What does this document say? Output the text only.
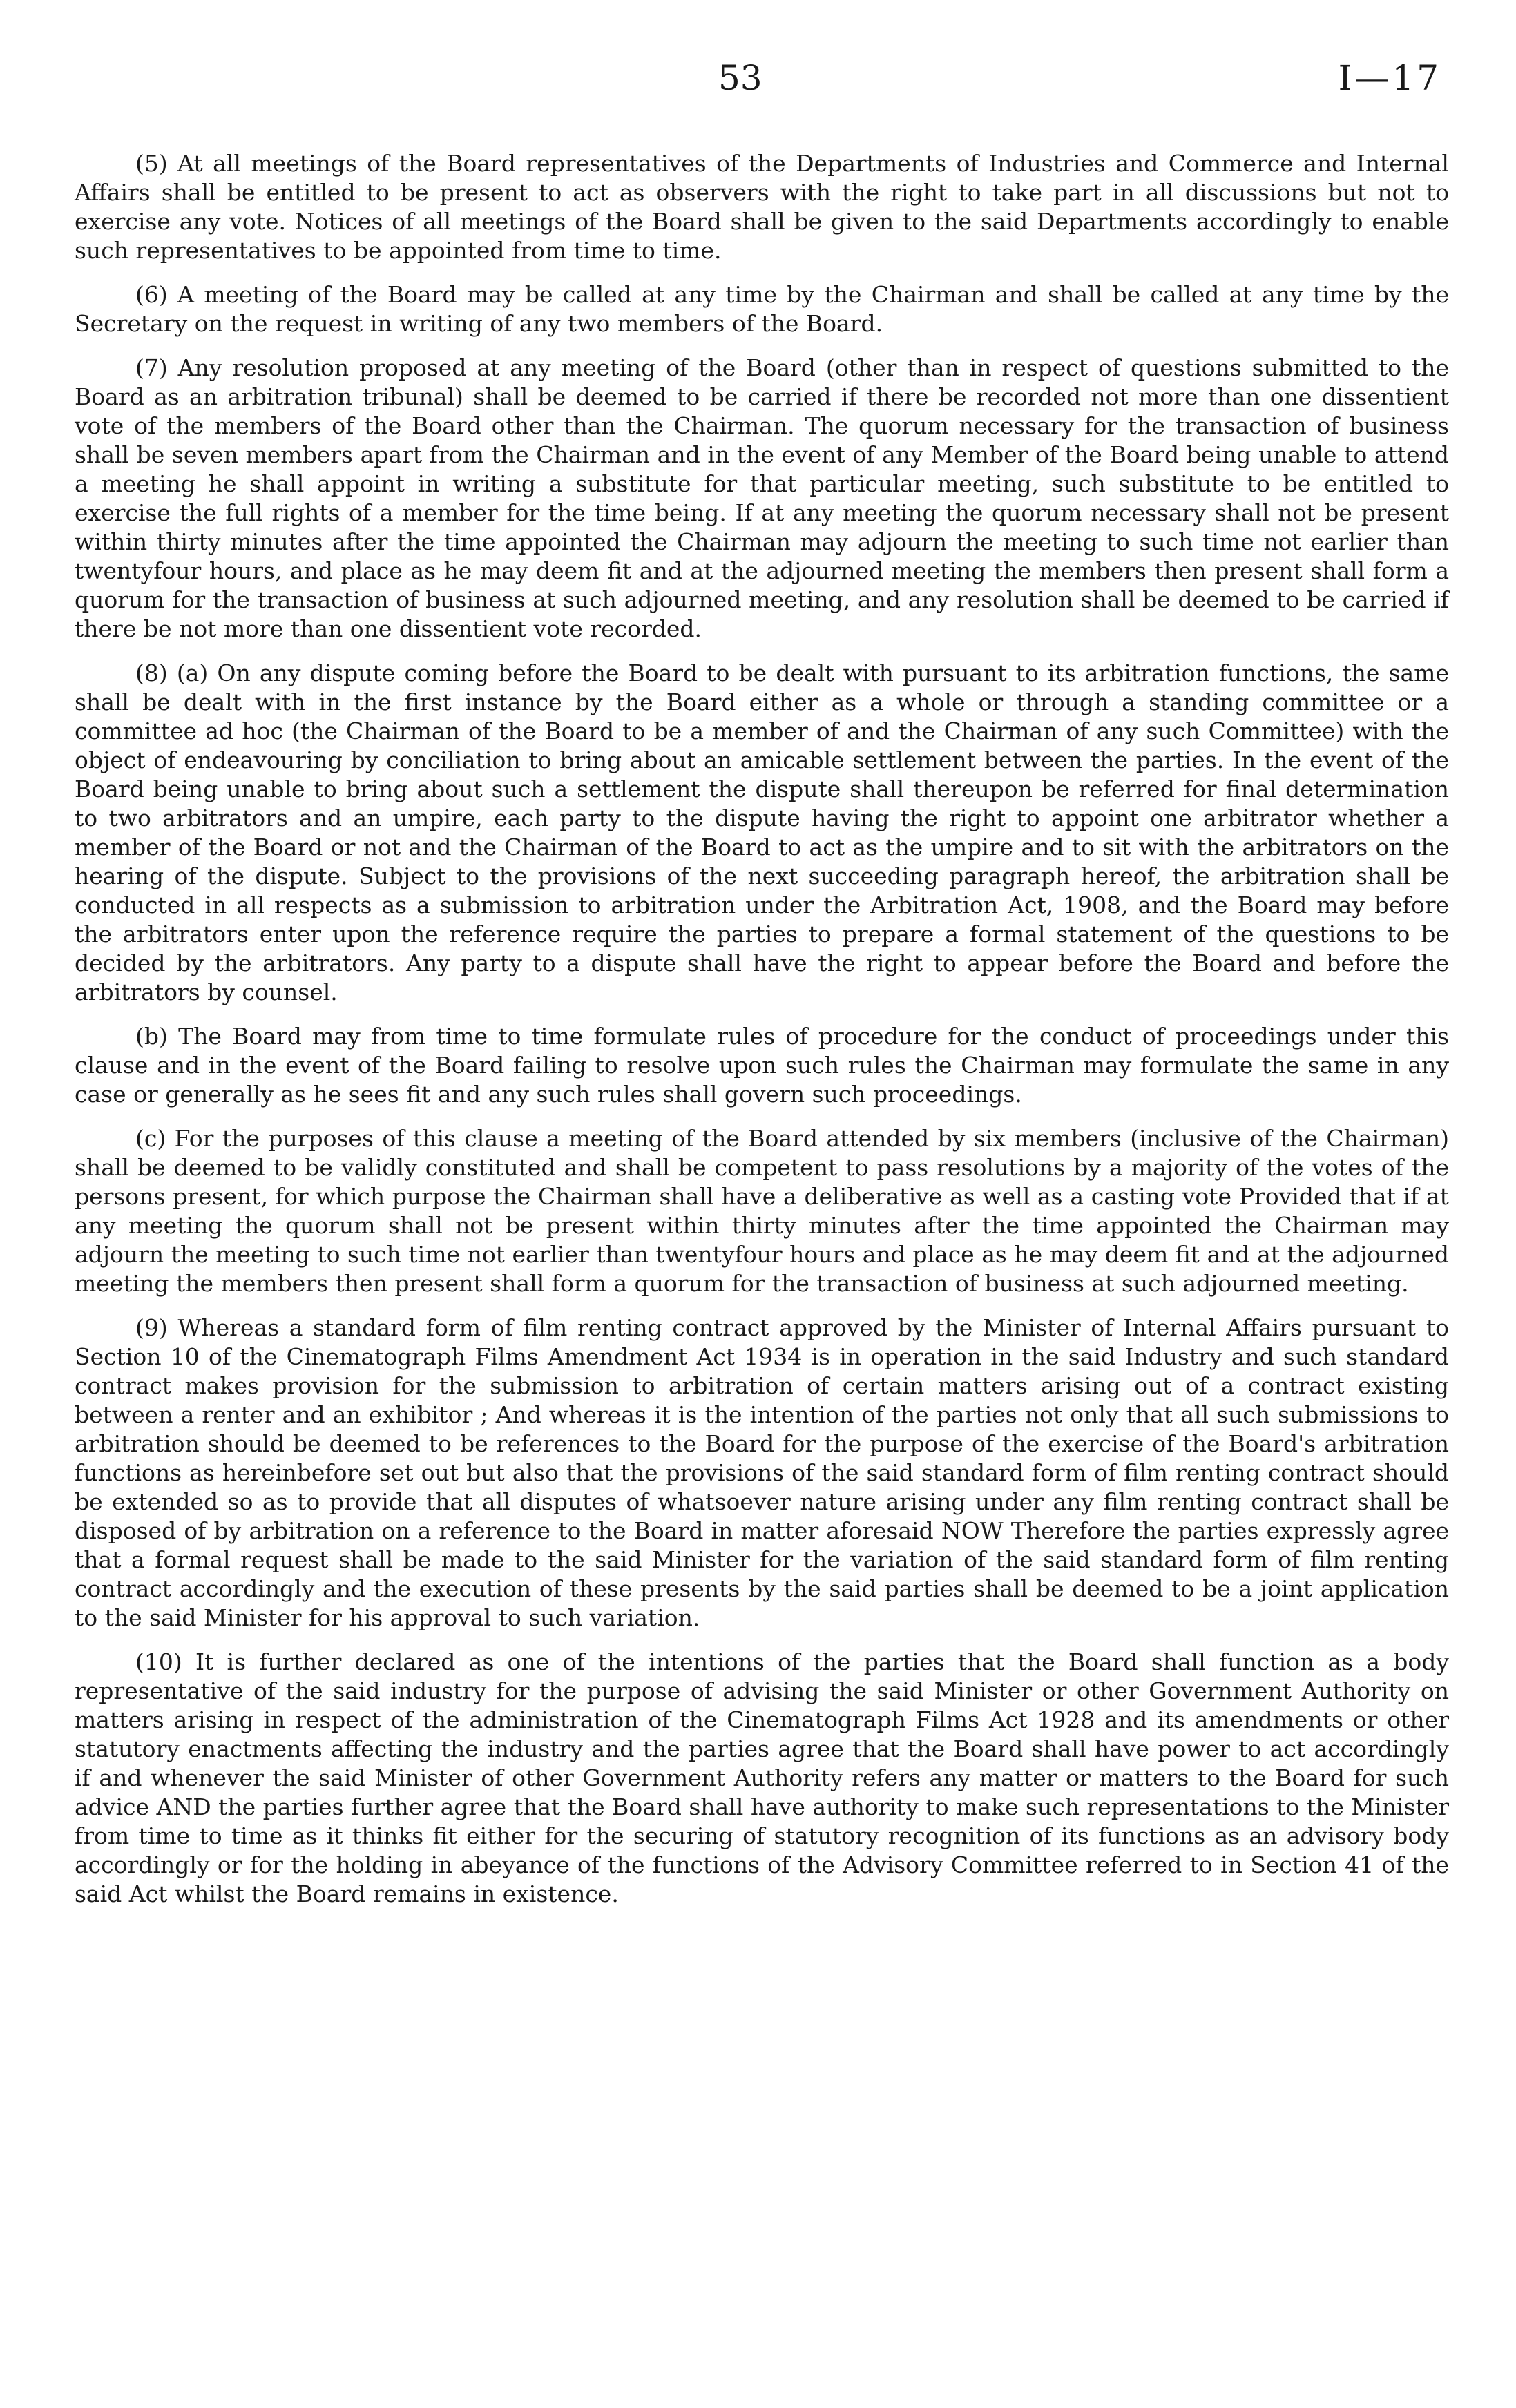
53	I—17

(5) At all meetings of the Board representatives of the Departments of Industries and Commerce and Internal Affairs shall be entitled to be present to act as observers with the right to take part in all discussions but not to exercise any vote. Notices of all meetings of the Board shall be given to the said Departments accordingly to enable such representatives to be appointed from time to time.

(6) A meeting of the Board may be called at any time by the Chairman and shall be called at any time by the Secretary on the request in writing of any two members of the Board.

(7) Any resolution proposed at any meeting of the Board (other than in respect of questions submitted to the Board as an arbitration tribunal) shall be deemed to be carried if there be recorded not more than one dissentient vote of the members of the Board other than the Chairman. The quorum necessary for the transaction of business shall be seven members apart from the Chairman and in the event of any Member of the Board being unable to attend a meeting he shall appoint in writing a substitute for that particular meeting, such substitute to be entitled to exercise the full rights of a member for the time being. If at any meeting the quorum necessary shall not be present within thirty minutes after the time appointed the Chairman may adjourn the meeting to such time not earlier than twentyfour hours, and place as he may deem fit and at the adjourned meeting the members then present shall form a quorum for the transaction of business at such adjourned meeting, and any resolution shall be deemed to be carried if there be not more than one dissentient vote recorded.

(8) (a) On any dispute coming before the Board to be dealt with pursuant to its arbitration functions, the same shall be dealt with in the first instance by the Board either as a whole or through a standing committee or a committee ad hoc (the Chairman of the Board to be a member of and the Chairman of any such Committee) with the object of endeavouring by conciliation to bring about an amicable settlement between the parties. In the event of the Board being unable to bring about such a settlement the dispute shall thereupon be referred for final determination to two arbitrators and an umpire, each party to the dispute having the right to appoint one arbitrator whether a member of the Board or not and the Chairman of the Board to act as the umpire and to sit with the arbitrators on the hearing of the dispute. Subject to the provisions of the next succeeding paragraph hereof, the arbitration shall be conducted in all respects as a submission to arbitration under the Arbitration Act, 1908, and the Board may before the arbitrators enter upon the reference require the parties to prepare a formal statement of the questions to be decided by the arbitrators. Any party to a dispute shall have the right to appear before the Board and before the arbitrators by counsel.

(b) The Board may from time to time formulate rules of procedure for the conduct of proceedings under this clause and in the event of the Board failing to resolve upon such rules the Chairman may formulate the same in any case or generally as he sees fit and any such rules shall govern such proceedings.

(c) For the purposes of this clause a meeting of the Board attended by six members (inclusive of the Chairman) shall be deemed to be validly constituted and shall be competent to pass resolutions by a majority of the votes of the persons present, for which purpose the Chairman shall have a deliberative as well as a casting vote Provided that if at any meeting the quorum shall not be present within thirty minutes after the time appointed the Chairman may adjourn the meeting to such time not earlier than twentyfour hours and place as he may deem fit and at the adjourned meeting the members then present shall form a quorum for the transaction of business at such adjourned meeting.

(9) Whereas a standard form of film renting contract approved by the Minister of Internal Affairs pursuant to Section 10 of the Cinematograph Films Amendment Act 1934 is in operation in the said Industry and such standard contract makes provision for the submission to arbitration of certain matters arising out of a contract existing between a renter and an exhibitor ; And whereas it is the intention of the parties not only that all such submissions to arbitration should be deemed to be references to the Board for the purpose of the exercise of the Board's arbitration functions as hereinbefore set out but also that the provisions of the said standard form of film renting contract should be extended so as to provide that all disputes of whatsoever nature arising under any film renting contract shall be disposed of by arbitration on a reference to the Board in matter aforesaid NOW Therefore the parties expressly agree that a formal request shall be made to the said Minister for the variation of the said standard form of film renting contract accordingly and the execution of these presents by the said parties shall be deemed to be a joint application to the said Minister for his approval to such variation.

(10) It is further declared as one of the intentions of the parties that the Board shall function as a body representative of the said industry for the purpose of advising the said Minister or other Government Authority on matters arising in respect of the administration of the Cinematograph Films Act 1928 and its amendments or other statutory enactments affecting the industry and the parties agree that the Board shall have power to act accordingly if and whenever the said Minister of other Government Authority refers any matter or matters to the Board for such advice AND the parties further agree that the Board shall have authority to make such representations to the Minister from time to time as it thinks fit either for the securing of statutory recognition of its functions as an advisory body accordingly or for the holding in abeyance of the functions of the Advisory Committee referred to in Section 41 of the said Act whilst the Board remains in existence.
